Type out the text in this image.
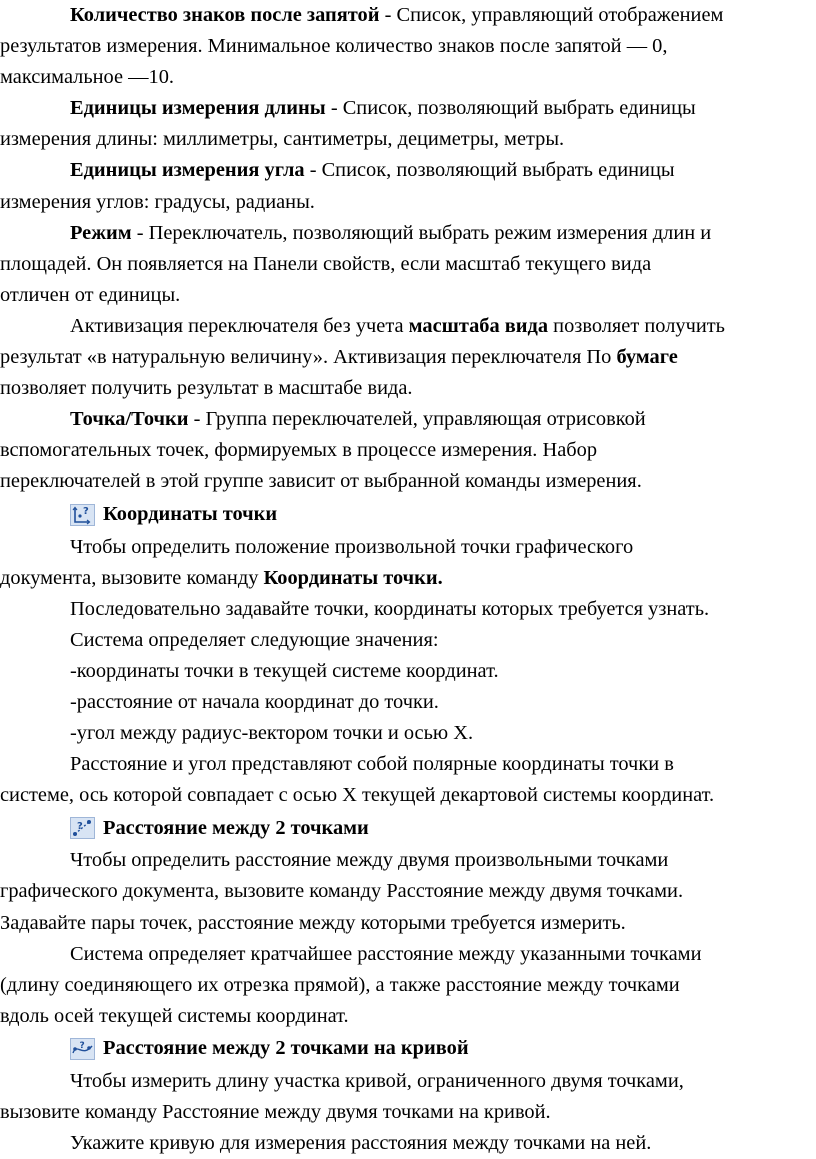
Количество знаков после запятой - Список, управляющий отображением
результатов измерения. Минимальное количество знаков после запятой — 0,
максимальное —10.
Единицы измерения длины - Список, позволяющий выбрать единицы
измерения длины: миллиметры, сантиметры, дециметры, метры.
Единицы измерения угла - Список, позволяющий выбрать единицы
измерения углов: градусы, радианы.
Режим - Переключатель, позволяющий выбрать режим измерения длин и
площадей. Он появляется на Панели свойств, если масштаб текущего вида
отличен от единицы.
Активизация переключателя без учета масштаба вида позволяет получить
результат «в натуральную величину». Активизация переключателя По бумаге
позволяет получить результат в масштабе вида.
Точка/Точки - Группа переключателей, управляющая отрисовкой
вспомогательных точек, формируемых в процессе измерения. Набор
переключателей в этой группе зависит от выбранной команды измерения.
? Координаты точки
Чтобы определить положение произвольной точки графического
документа, вызовите команду Координаты точки.
Последовательно задавайте точки, координаты которых требуется узнать.
Система определяет следующие значения:
-координаты точки в текущей системе координат.
-расстояние от начала координат до точки.
-угол между радиус-вектором точки и осью X.
Расстояние и угол представляют собой полярные координаты точки в
системе, ось которой совпадает с осью X текущей декартовой системы координат.
? Расстояние между 2 точками
Чтобы определить расстояние между двумя произвольными точками
графического документа, вызовите команду Расстояние между двумя точками.
Задавайте пары точек, расстояние между которыми требуется измерить.
Система определяет кратчайшее расстояние между указанными точками
(длину соединяющего их отрезка прямой), а также расстояние между точками
вдоль осей текущей системы координат.
? Расстояние между 2 точками на кривой
Чтобы измерить длину участка кривой, ограниченного двумя точками,
вызовите команду Расстояние между двумя точками на кривой.
Укажите кривую для измерения расстояния между точками на ней.
